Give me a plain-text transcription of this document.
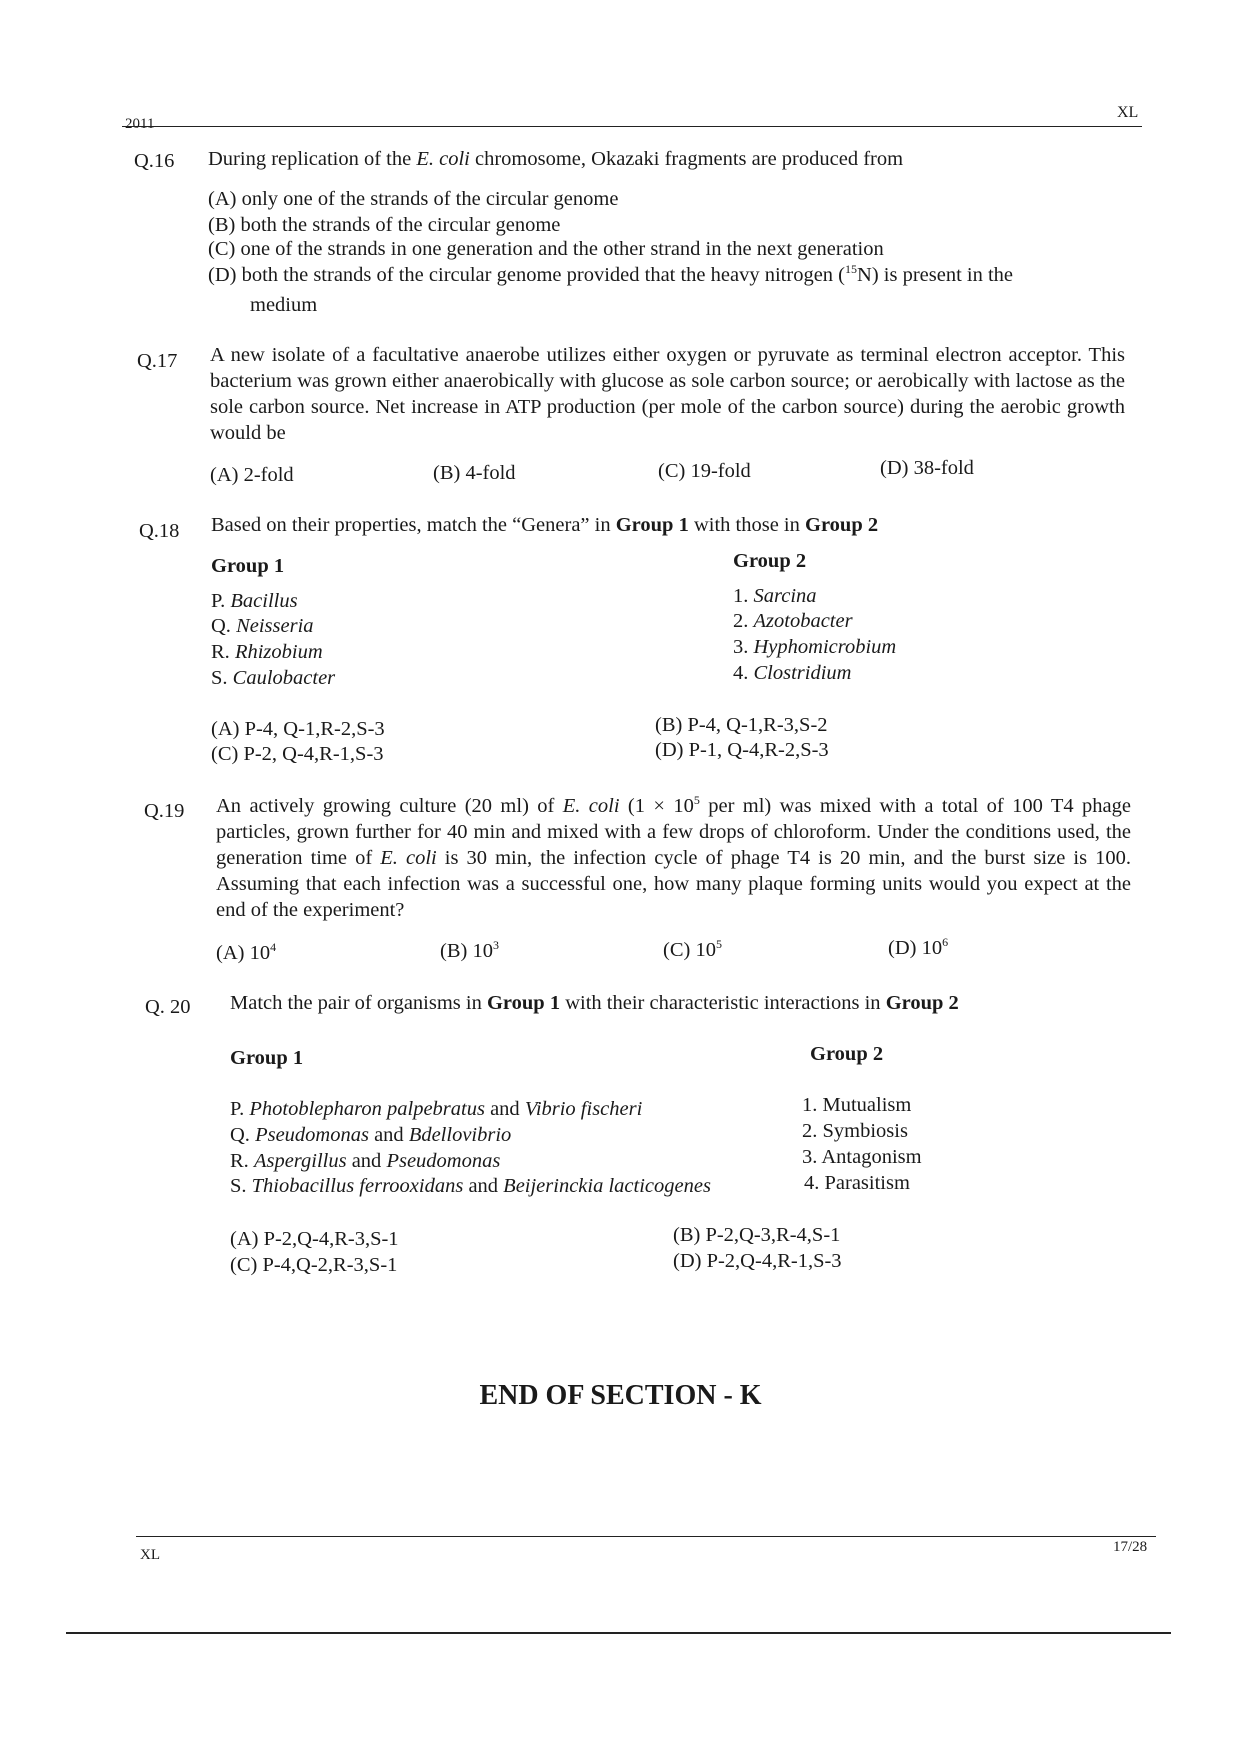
2011
XL
Q.16 During replication of the E. coli chromosome, Okazaki fragments are produced from
(A) only one of the strands of the circular genome
(B) both the strands of the circular genome
(C) one of the strands in one generation and the other strand in the next generation
(D) both the strands of the circular genome provided that the heavy nitrogen ($^{15}$N) is present in the
medium
Q.17 A new isolate of a facultative anaerobe utilizes either oxygen or pyruvate as terminal electron acceptor. This bacterium was grown either anaerobically with glucose as sole carbon source; or aerobically with lactose as the sole carbon source. Net increase in ATP production (per mole of the carbon source) during the aerobic growth would be
(A) 2-fold	(B) 4-fold	(C) 19-fold	(D) 38-fold
Q.18 Based on their properties, match the “Genera” in Group 1 with those in Group 2
Group 1	Group 2
P. Bacillus
Q. Neisseria
R. Rhizobium
S. Caulobacter
1. Sarcina
2. Azotobacter
3. Hyphomicrobium
4. Clostridium
(A) P-4, Q-1,R-2,S-3	(B) P-4, Q-1,R-3,S-2
(C) P-2, Q-4,R-1,S-3	(D) P-1, Q-4,R-2,S-3
Q.19 An actively growing culture (20 ml) of E. coli ($1 \times 10^5$ per ml) was mixed with a total of 100 T4 phage particles, grown further for 40 min and mixed with a few drops of chloroform. Under the conditions used, the generation time of E. coli is 30 min, the infection cycle of phage T4 is 20 min, and the burst size is 100. Assuming that each infection was a successful one, how many plaque forming units would you expect at the end of the experiment?
(A) $10^4$	(B) $10^3$	(C) $10^5$	(D) $10^6$
Q. 20 Match the pair of organisms in Group 1 with their characteristic interactions in Group 2
Group 1	Group 2
P. Photoblepharon palpebratus and Vibrio fischeri
Q. Pseudomonas and Bdellovibrio
R. Aspergillus and Pseudomonas
S. Thiobacillus ferrooxidans and Beijerinckia lacticogenes
1. Mutualism
2. Symbiosis
3. Antagonism
4. Parasitism
(A) P-2,Q-4,R-3,S-1	(B) P-2,Q-3,R-4,S-1
(C) P-4,Q-2,R-3,S-1	(D) P-2,Q-4,R-1,S-3
END OF SECTION - K
XL	17/28
